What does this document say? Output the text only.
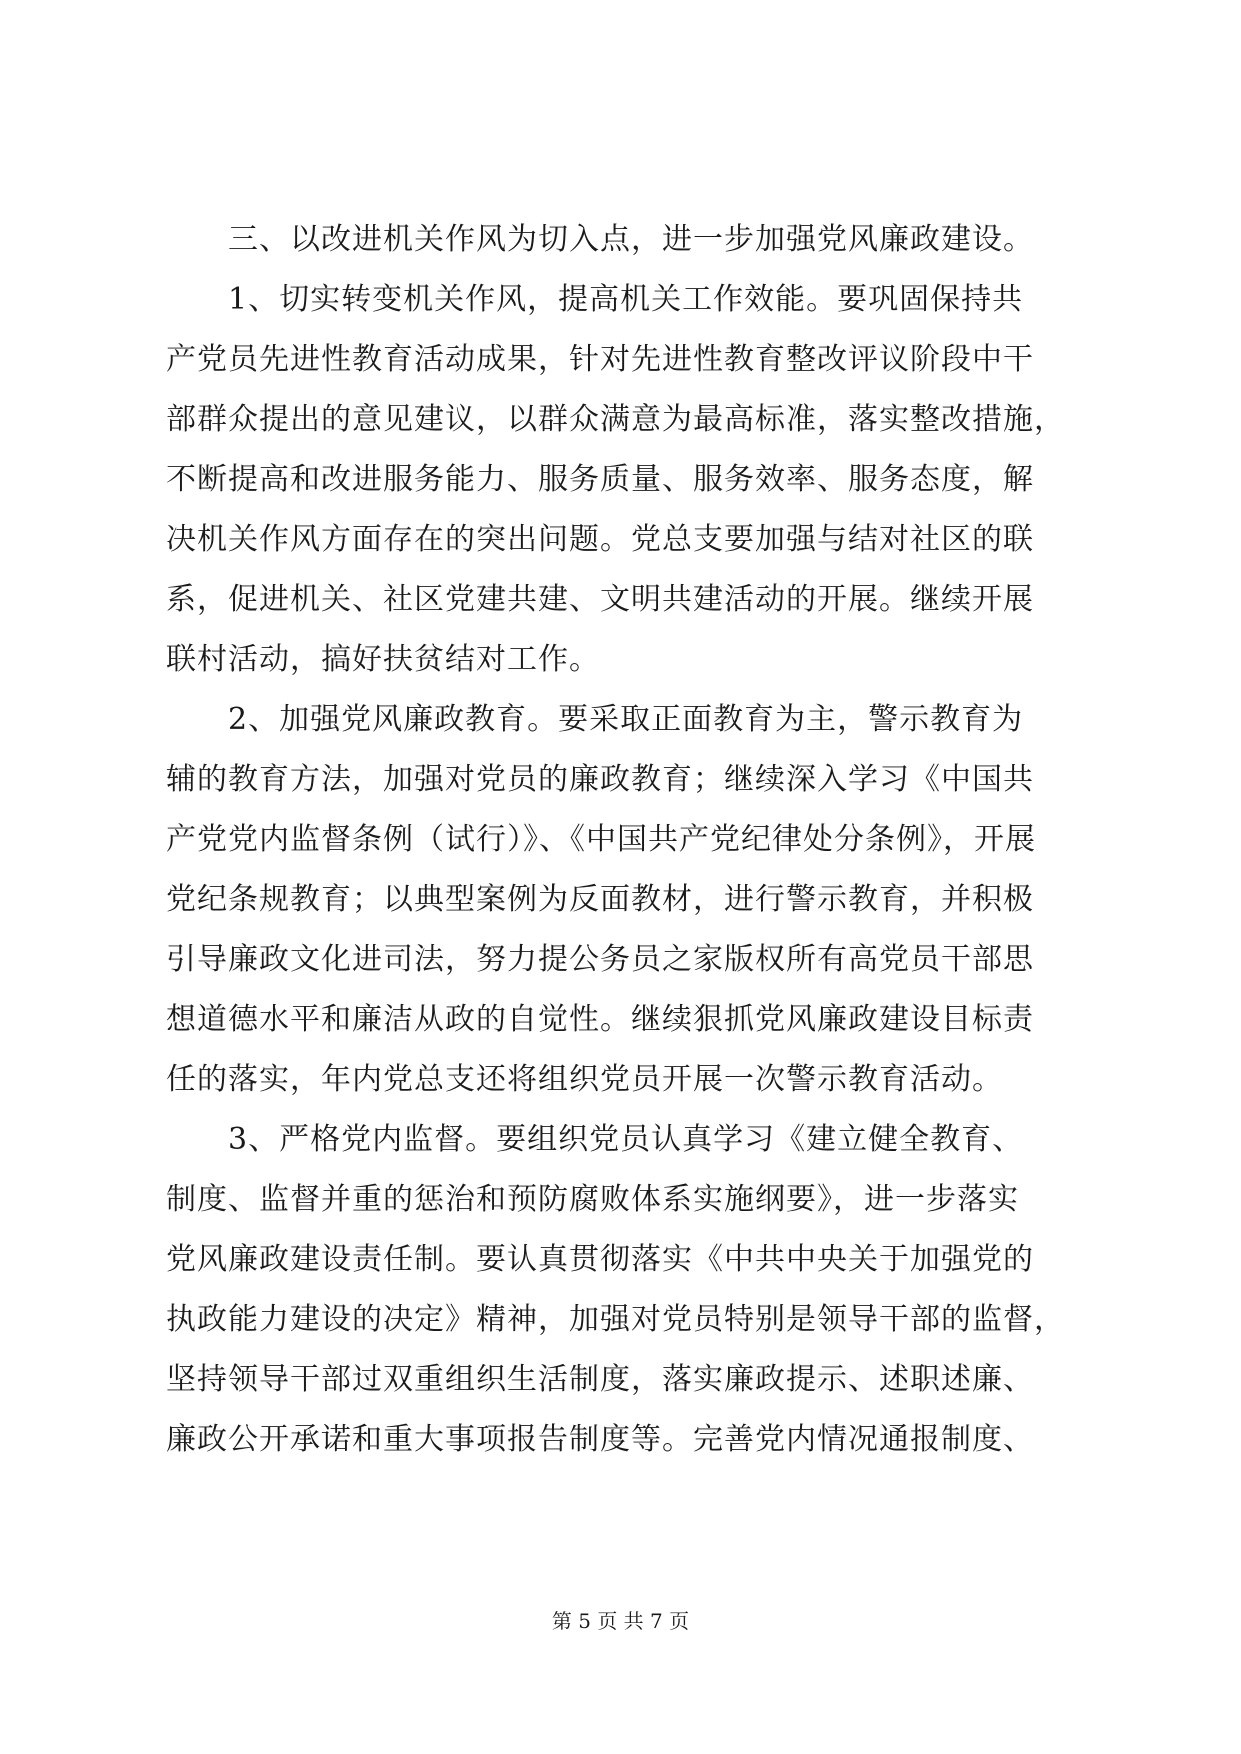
　　三、以改进机关作风为切入点，进一步加强党风廉政建设。
　　1、切实转变机关作风，提高机关工作效能。要巩固保持共
产党员先进性教育活动成果，针对先进性教育整改评议阶段中干
部群众提出的意见建议，以群众满意为最高标准，落实整改措施，
不断提高和改进服务能力、服务质量、服务效率、服务态度，解
决机关作风方面存在的突出问题。党总支要加强与结对社区的联
系，促进机关、社区党建共建、文明共建活动的开展。继续开展
联村活动，搞好扶贫结对工作。
　　2、加强党风廉政教育。要采取正面教育为主，警示教育为
辅的教育方法，加强对党员的廉政教育；继续深入学习《中国共
产党党内监督条例（试行）》、《中国共产党纪律处分条例》，开展
党纪条规教育；以典型案例为反面教材，进行警示教育，并积极
引导廉政文化进司法，努力提公务员之家版权所有高党员干部思
想道德水平和廉洁从政的自觉性。继续狠抓党风廉政建设目标责
任的落实，年内党总支还将组织党员开展一次警示教育活动。
　　3、严格党内监督。要组织党员认真学习《建立健全教育、
制度、监督并重的惩治和预防腐败体系实施纲要》，进一步落实
党风廉政建设责任制。要认真贯彻落实《中共中央关于加强党的
执政能力建设的决定》精神，加强对党员特别是领导干部的监督，
坚持领导干部过双重组织生活制度，落实廉政提示、述职述廉、
廉政公开承诺和重大事项报告制度等。完善党内情况通报制度、
第 5 页 共 7 页
